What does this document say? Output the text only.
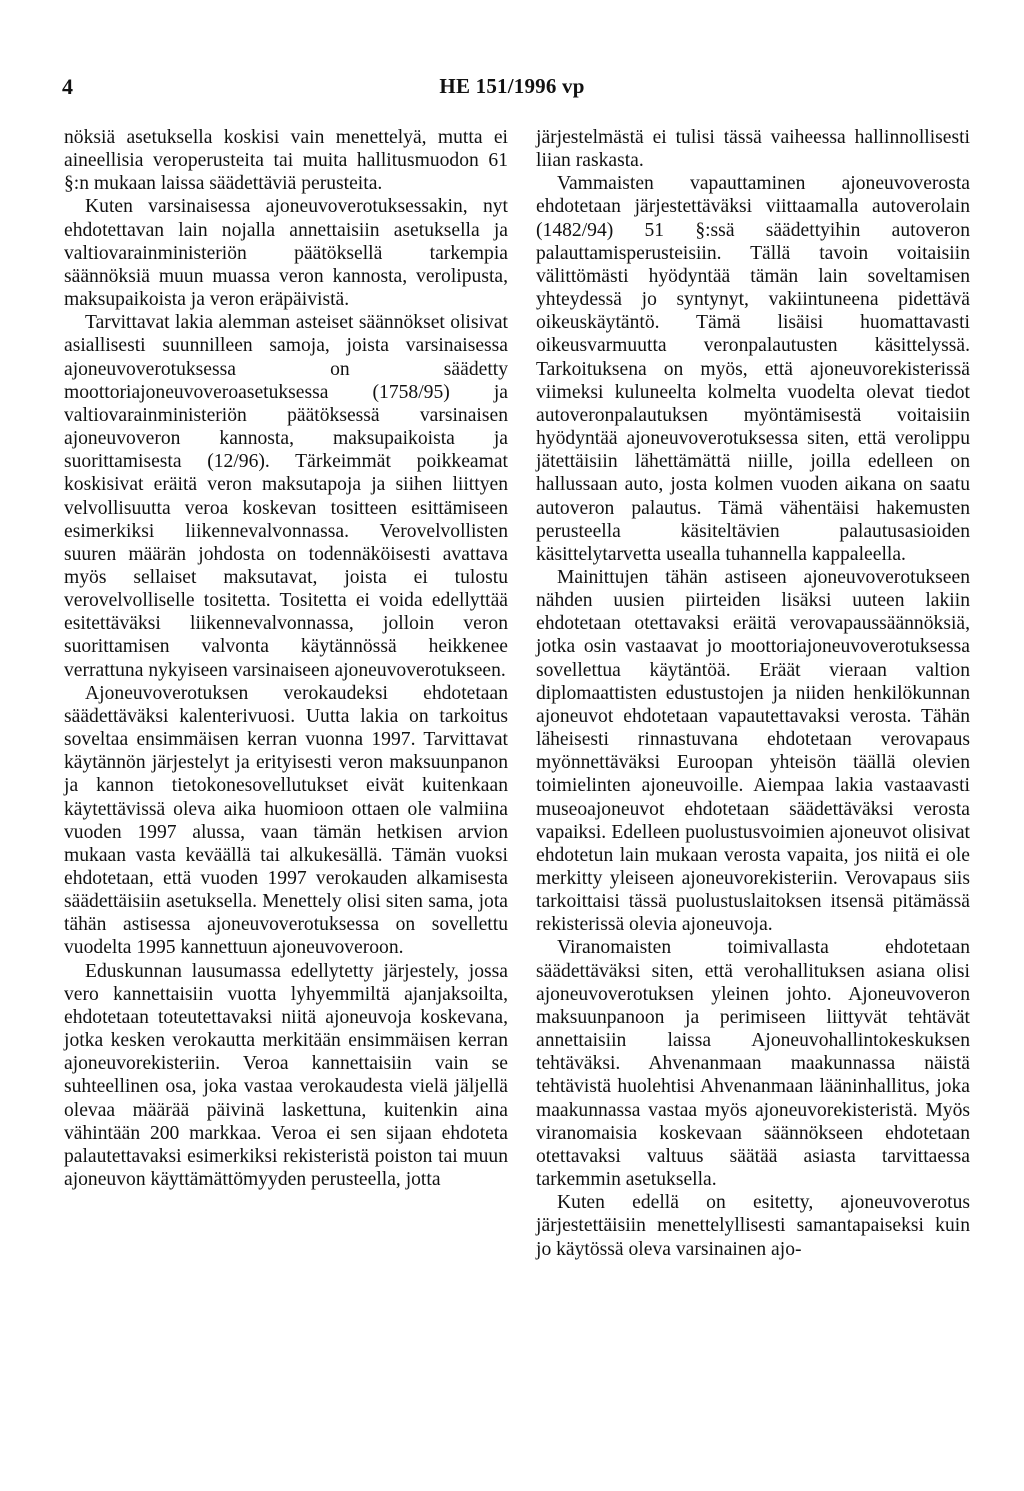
4	HE 151/1996 vp

nöksiä asetuksella koskisi vain menettelyä, mutta ei aineellisia veroperusteita tai muita hallitusmuodon 61 §:n mukaan laissa säädettäviä perusteita.

Kuten varsinaisessa ajoneuvoverotuksessakin, nyt ehdotettavan lain nojalla annettaisiin asetuksella ja valtiovarainministeriön päätöksellä tarkempia säännöksiä muun muassa veron kannosta, verolipusta, maksupaikoista ja veron eräpäivistä.

Tarvittavat lakia alemman asteiset säännökset olisivat asiallisesti suunnilleen samoja, joista varsinaisessa ajoneuvoverotuksessa on säädetty moottoriajoneuvoveroasetuksessa (1758/95) ja valtiovarainministeriön päätöksessä varsinaisen ajoneuvoveron kannosta, maksupaikoista ja suorittamisesta (12/96). Tärkeimmät poikkeamat koskisivat eräitä veron maksutapoja ja siihen liittyen velvollisuutta veroa koskevan tositteen esittämiseen esimerkiksi liikennevalvonnassa. Verovelvollisten suuren määrän johdosta on todennäköisesti avattava myös sellaiset maksutavat, joista ei tulostu verovelvolliselle tositetta. Tositetta ei voida edellyttää esitettäväksi liikennevalvonnassa, jolloin veron suorittamisen valvonta käytännössä heikkenee verrattuna nykyiseen varsinaiseen ajoneuvoverotukseen.

Ajoneuvoverotuksen verokaudeksi ehdotetaan säädettäväksi kalenterivuosi. Uutta lakia on tarkoitus soveltaa ensimmäisen kerran vuonna 1997. Tarvittavat käytännön järjestelyt ja erityisesti veron maksuunpanon ja kannon tietokonesovellutukset eivät kuitenkaan käytettävissä oleva aika huomioon ottaen ole valmiina vuoden 1997 alussa, vaan tämän hetkisen arvion mukaan vasta keväällä tai alkukesällä. Tämän vuoksi ehdotetaan, että vuoden 1997 verokauden alkamisesta säädettäisiin asetuksella. Menettely olisi siten sama, jota tähän astisessa ajoneuvoverotuksessa on sovellettu vuodelta 1995 kannettuun ajoneuvoveroon.

Eduskunnan lausumassa edellytetty järjestely, jossa vero kannettaisiin vuotta lyhyemmiltä ajanjaksoilta, ehdotetaan toteutettavaksi niitä ajoneuvoja koskevana, jotka kesken verokautta merkitään ensimmäisen kerran ajoneuvorekisteriin. Veroa kannettaisiin vain se suhteellinen osa, joka vastaa verokaudesta vielä jäljellä olevaa määrää päivinä laskettuna, kuitenkin aina vähintään 200 markkaa. Veroa ei sen sijaan ehdoteta palautettavaksi esimerkiksi rekisteristä poiston tai muun ajoneuvon käyttämättömyyden perusteella, jotta

järjestelmästä ei tulisi tässä vaiheessa hallinnollisesti liian raskasta.

Vammaisten vapauttaminen ajoneuvoverosta ehdotetaan järjestettäväksi viittaamalla autoverolain (1482/94) 51 §:ssä säädettyihin autoveron palauttamisperusteisiin. Tällä tavoin voitaisiin välittömästi hyödyntää tämän lain soveltamisen yhteydessä jo syntynyt, vakiintuneena pidettävä oikeuskäytäntö. Tämä lisäisi huomattavasti oikeusvarmuutta veronpalautusten käsittelyssä. Tarkoituksena on myös, että ajoneuvorekisterissä viimeksi kuluneelta kolmelta vuodelta olevat tiedot autoveronpalautuksen myöntämisestä voitaisiin hyödyntää ajoneuvoverotuksessa siten, että verolippu jätettäisiin lähettämättä niille, joilla edelleen on hallussaan auto, josta kolmen vuoden aikana on saatu autoveron palautus. Tämä vähentäisi hakemusten perusteella käsiteltävien palautusasioiden käsittelytarvetta usealla tuhannella kappaleella.

Mainittujen tähän astiseen ajoneuvoverotukseen nähden uusien piirteiden lisäksi uuteen lakiin ehdotetaan otettavaksi eräitä verovapaussäännöksiä, jotka osin vastaavat jo moottoriajoneuvoverotuksessa sovellettua käytäntöä. Eräät vieraan valtion diplomaattisten edustustojen ja niiden henkilökunnan ajoneuvot ehdotetaan vapautettavaksi verosta. Tähän läheisesti rinnastuvana ehdotetaan verovapaus myönnettäväksi Euroopan yhteisön täällä olevien toimielinten ajoneuvoille. Aiempaa lakia vastaavasti museoajoneuvot ehdotetaan säädettäväksi verosta vapaiksi. Edelleen puolustusvoimien ajoneuvot olisivat ehdotetun lain mukaan verosta vapaita, jos niitä ei ole merkitty yleiseen ajoneuvorekisteriin. Verovapaus siis tarkoittaisi tässä puolustuslaitoksen itsensä pitämässä rekisterissä olevia ajoneuvoja.

Viranomaisten toimivallasta ehdotetaan säädettäväksi siten, että verohallituksen asiana olisi ajoneuvoverotuksen yleinen johto. Ajoneuvoveron maksuunpanoon ja perimiseen liittyvät tehtävät annettaisiin laissa Ajoneuvohallintokeskuksen tehtäväksi. Ahvenanmaan maakunnassa näistä tehtävistä huolehtisi Ahvenanmaan lääninhallitus, joka maakunnassa vastaa myös ajoneuvorekisteristä. Myös viranomaisia koskevaan säännökseen ehdotetaan otettavaksi valtuus säätää asiasta tarvittaessa tarkemmin asetuksella.

Kuten edellä on esitetty, ajoneuvoverotus järjestettäisiin menettelyllisesti samantapaiseksi kuin jo käytössä oleva varsinainen ajo-
